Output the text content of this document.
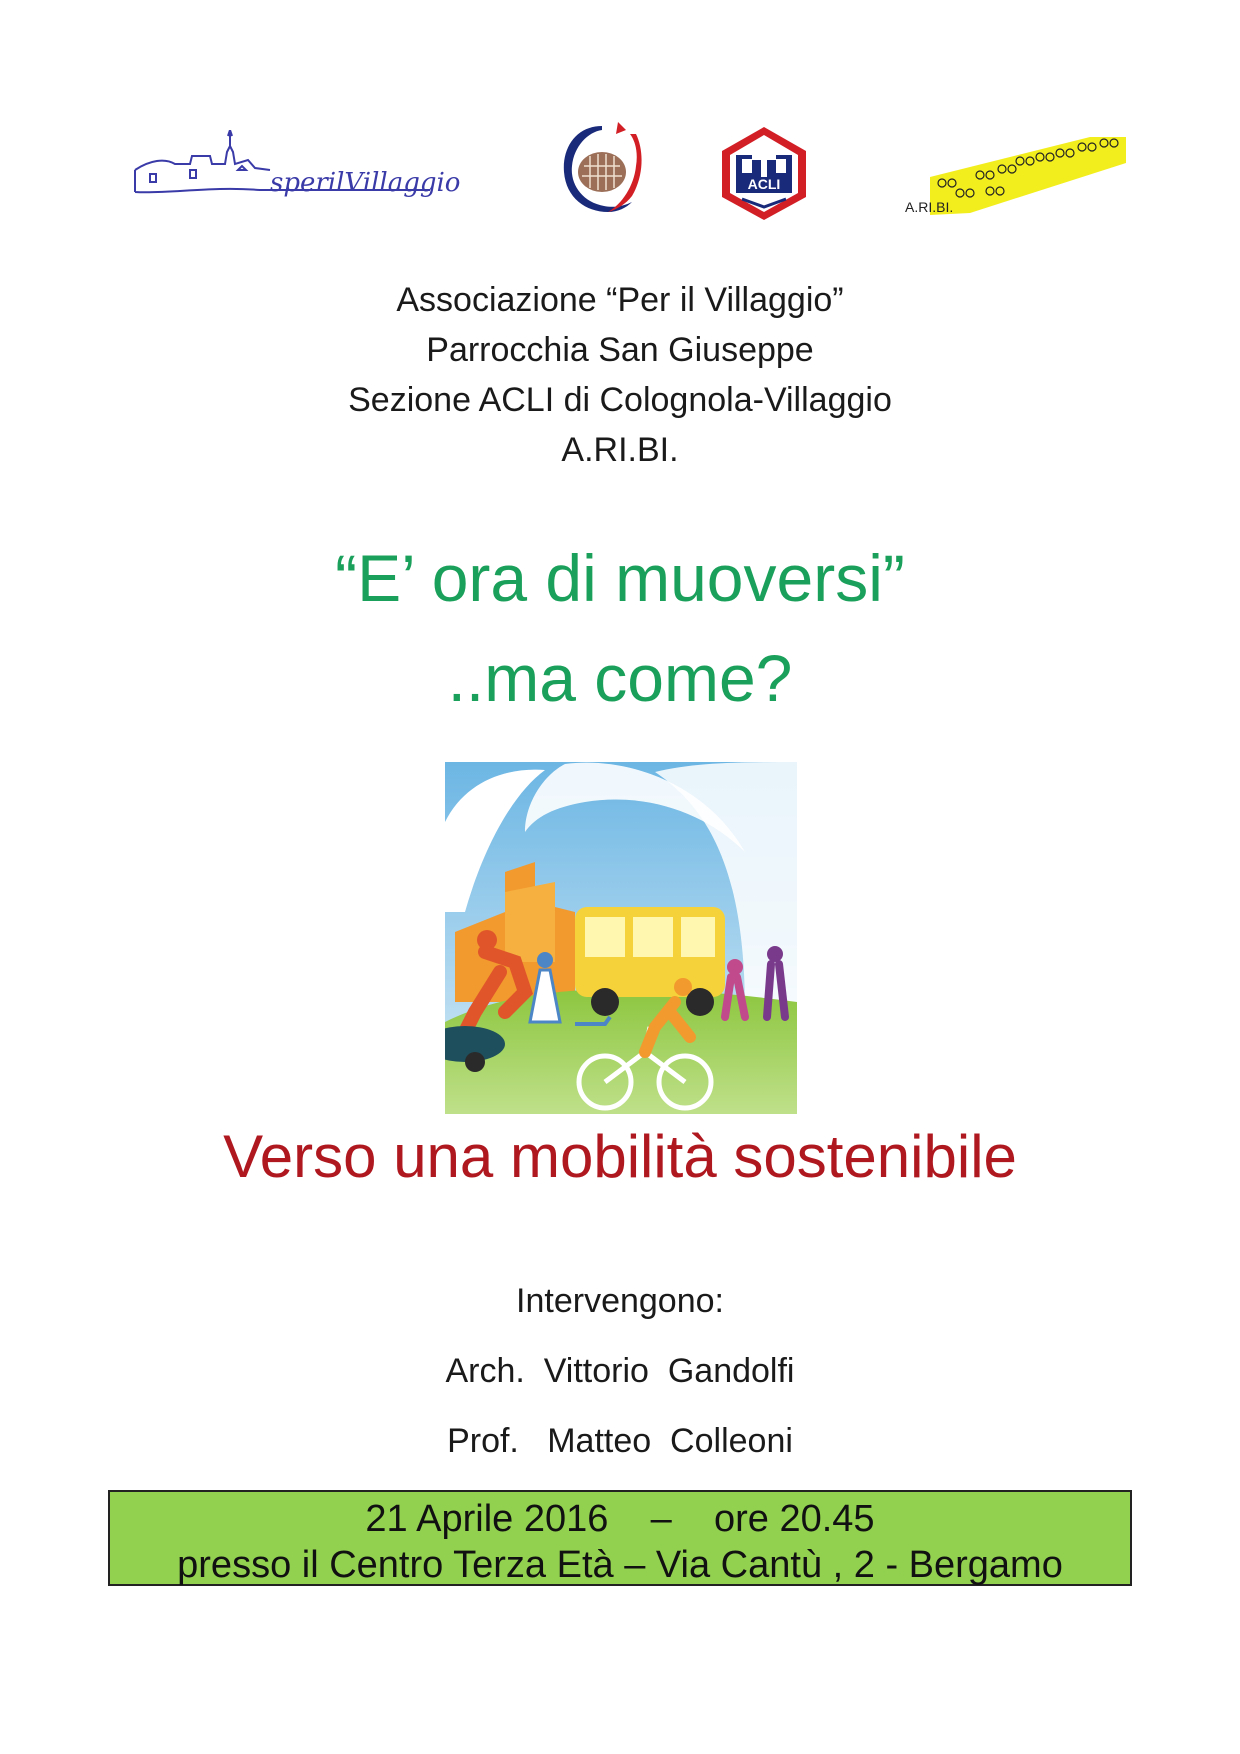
sperilVillaggio	ACLI
A.RI.BI.
Associazione “Per il Villaggio”
Parrocchia San Giuseppe
Sezione ACLI di Colognola-Villaggio
A.RI.BI.
“E’ ora di muoversi”
..ma come?
Verso una mobilità sostenibile
Intervengono:
Arch.  Vittorio  Gandolfi
Prof.   Matteo  Colleoni
21 Aprile 2016    –    ore 20.45
presso il Centro Terza Età – Via Cantù , 2 - Bergamo
